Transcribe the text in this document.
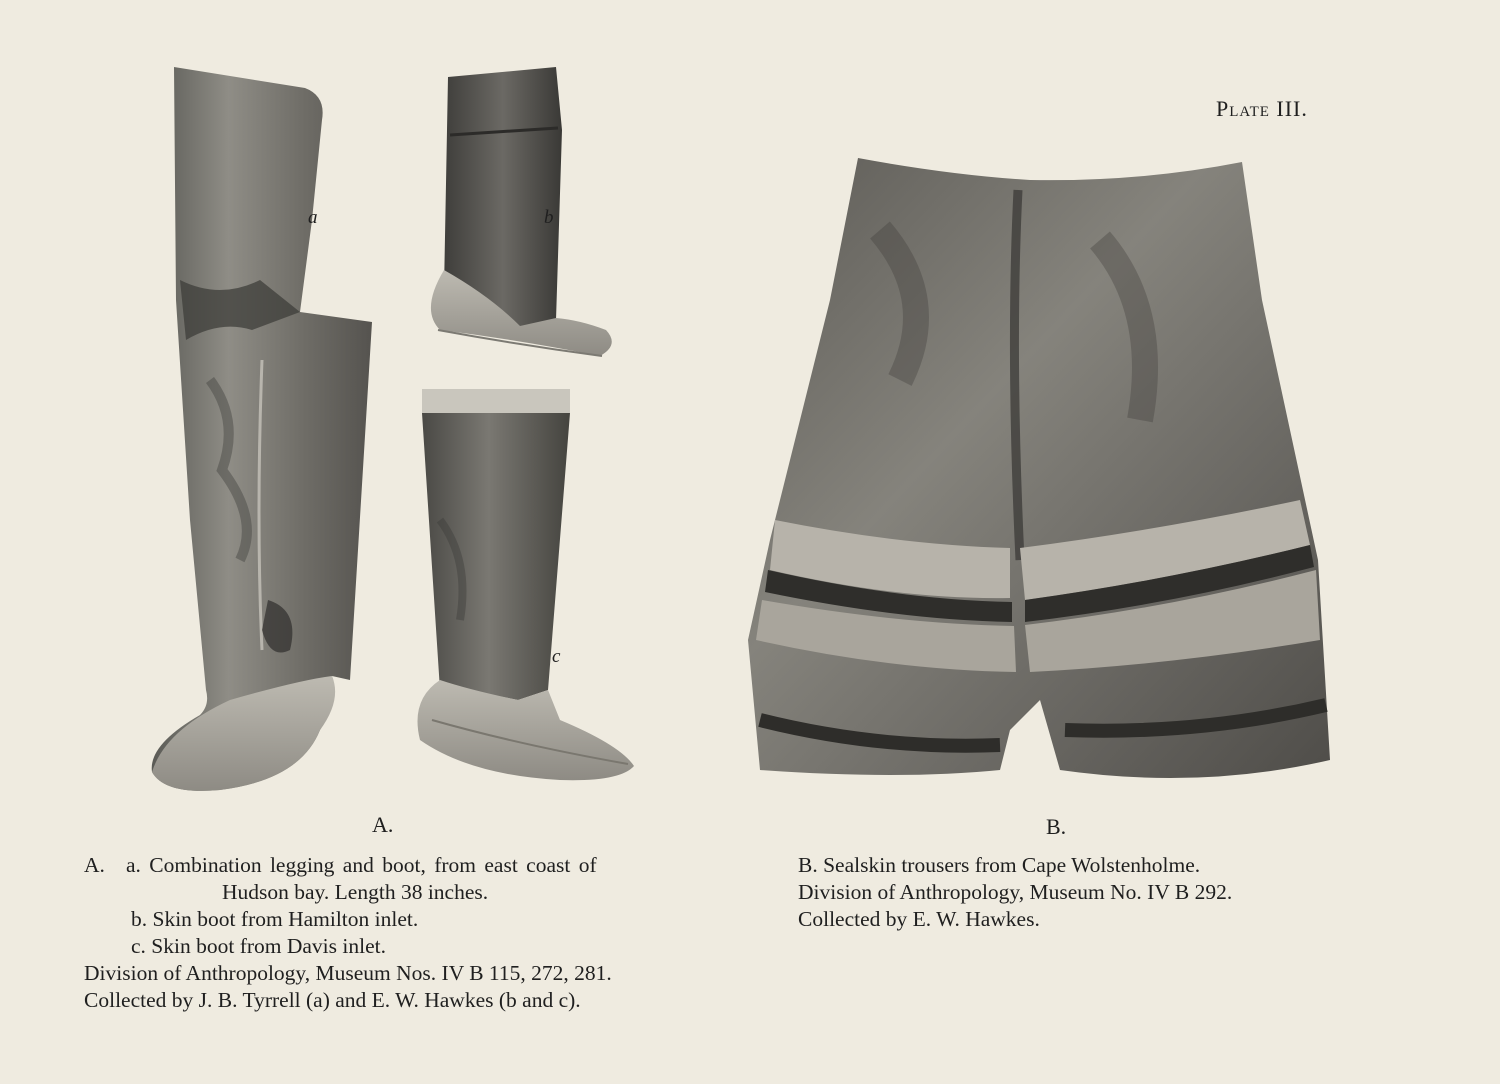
Plate III.
a	b
c
A.	B.
A. a. Combination legging and boot, from east coast of
Hudson bay. Length 38 inches.
b. Skin boot from Hamilton inlet.
c. Skin boot from Davis inlet.
Division of Anthropology, Museum Nos. IV B 115, 272, 281.
Collected by J. B. Tyrrell (a) and E. W. Hawkes (b and c).
B. Sealskin trousers from Cape Wolstenholme.
Division of Anthropology, Museum No. IV B 292.
Collected by E. W. Hawkes.
